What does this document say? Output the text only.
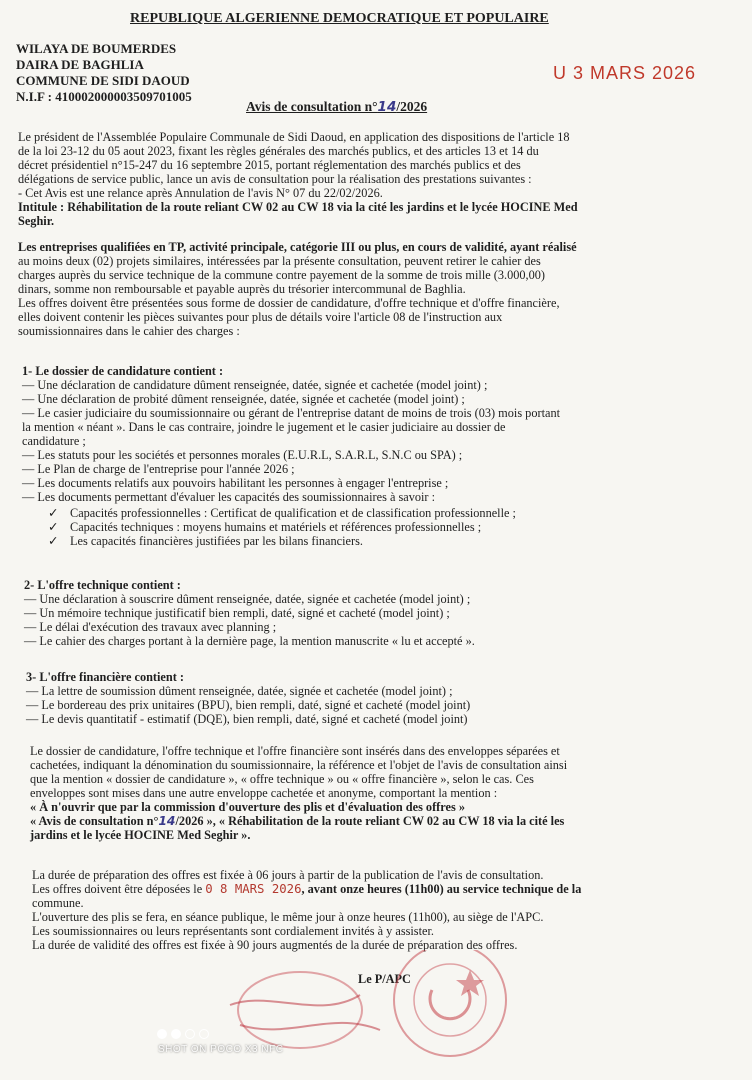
REPUBLIQUE ALGERIENNE DEMOCRATIQUE ET POPULAIRE
WILAYA DE BOUMERDES
DAIRA DE BAGHLIA
COMMUNE DE SIDI DAOUD
N.I.F : 410002000003509701005
U 3 MARS 2026
Avis de consultation n°14/2026
Le président de l'Assemblée Populaire Communale de Sidi Daoud, en application des dispositions de l'article 18
de la loi 23-12 du 05 aout 2023, fixant les règles générales des marchés publics, et des articles 13 et 14 du
décret présidentiel n°15-247 du 16 septembre 2015, portant réglementation des marchés publics et des
délégations de service public, lance un avis de consultation pour la réalisation des prestations suivantes :
- Cet Avis est une relance après Annulation de l'avis N° 07 du 22/02/2026.
Intitule : Réhabilitation de la route reliant CW 02 au CW 18 via la cité les jardins et le lycée HOCINE Med
Seghir.
Les entreprises qualifiées en TP, activité principale, catégorie III ou plus, en cours de validité, ayant réalisé
au moins deux (02) projets similaires, intéressées par la présente consultation, peuvent retirer le cahier des
charges auprès du service technique de la commune contre payement de la somme de trois mille (3.000,00)
dinars, somme non remboursable et payable auprès du trésorier intercommunal de Baghlia.
Les offres doivent être présentées sous forme de dossier de candidature, d'offre technique et d'offre financière,
elles doivent contenir les pièces suivantes pour plus de détails voire l'article 08 de l'instruction aux
soumissionnaires dans le cahier des charges :
1- Le dossier de candidature contient :
— Une déclaration de candidature dûment renseignée, datée, signée et cachetée (model joint) ;
— Une déclaration de probité dûment renseignée, datée, signée et cachetée (model joint) ;
— Le casier judiciaire du soumissionnaire ou gérant de l'entreprise datant de moins de trois (03) mois portant
la mention « néant ». Dans le cas contraire, joindre le jugement et le casier judiciaire au dossier de
candidature ;
— Les statuts pour les sociétés et personnes morales (E.U.R.L, S.A.R.L, S.N.C ou SPA) ;
— Le Plan de charge de l'entreprise pour l'année 2026 ;
— Les documents relatifs aux pouvoirs habilitant les personnes à engager l'entreprise ;
— Les documents permettant d'évaluer les capacités des soumissionnaires à savoir :
✓ Capacités professionnelles : Certificat de qualification et de classification professionnelle ;
✓ Capacités techniques : moyens humains et matériels et références professionnelles ;
✓ Les capacités financières justifiées par les bilans financiers.
2- L'offre technique contient :
— Une déclaration à souscrire dûment renseignée, datée, signée et cachetée (model joint) ;
— Un mémoire technique justificatif bien rempli, daté, signé et cacheté (model joint) ;
— Le délai d'exécution des travaux avec planning ;
— Le cahier des charges portant à la dernière page, la mention manuscrite « lu et accepté ».
3- L'offre financière contient :
— La lettre de soumission dûment renseignée, datée, signée et cachetée (model joint) ;
— Le bordereau des prix unitaires (BPU), bien rempli, daté, signé et cacheté (model joint)
— Le devis quantitatif - estimatif (DQE), bien rempli, daté, signé et cacheté (model joint)
Le dossier de candidature, l'offre technique et l'offre financière sont insérés dans des enveloppes séparées et
cachetées, indiquant la dénomination du soumissionnaire, la référence et l'objet de l'avis de consultation ainsi
que la mention « dossier de candidature », « offre technique » ou « offre financière », selon le cas. Ces
enveloppes sont mises dans une autre enveloppe cachetée et anonyme, comportant la mention :
« À n'ouvrir que par la commission d'ouverture des plis et d'évaluation des offres »
« Avis de consultation n°14/2026 », « Réhabilitation de la route reliant CW 02 au CW 18 via la cité les
jardins et le lycée HOCINE Med Seghir ».
La durée de préparation des offres est fixée à 06 jours à partir de la publication de l'avis de consultation.
Les offres doivent être déposées le 0 8 MARS 2026, avant onze heures (11h00) au service technique de la
commune.
L'ouverture des plis se fera, en séance publique, le même jour à onze heures (11h00), au siège de l'APC.
Les soumissionnaires ou leurs représentants sont cordialement invités à y assister.
La durée de validité des offres est fixée à 90 jours augmentés de la durée de préparation des offres.
Le P/APC
SHOT ON POCO X3 NFC
